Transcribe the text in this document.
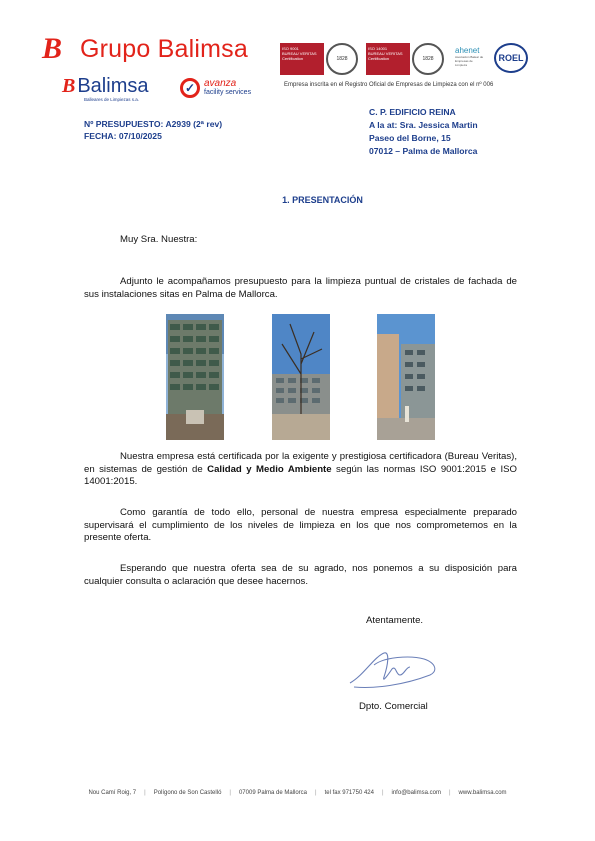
B Grupo Balimsa
B Balimsa
Balleares de Limpiezas s.a.
✓ avanza
facility services
ISO 9001
BUREAU VERITAS
Certification	1828
ISO 14001
BUREAU VERITAS
Certification	1828
ahenet
Asociación Balear de Empresas de Limpieza
ROEL
Empresa inscrita en el Registro Oficial de Empresas de Limpieza con el nº 006
Nº PRESUPUESTO: A2939 (2ª rev)
FECHA: 07/10/2025
C. P. EDIFICIO REINA
A la at: Sra. Jessica Martin
Paseo del Borne, 15
07012 – Palma de Mallorca
1. PRESENTACIÓN
Muy Sra. Nuestra:
Adjunto le acompañamos presupuesto para la limpieza puntual de cristales de fachada de sus instalaciones sitas en Palma de Mallorca.
Nuestra empresa está certificada por la exigente y prestigiosa certificadora (Bureau Veritas), en sistemas de gestión de Calidad y Medio Ambiente según las normas ISO 9001:2015 e ISO 14001:2015.
Como garantía de todo ello, personal de nuestra empresa especialmente preparado supervisará el cumplimiento de los niveles de limpieza en los que nos comprometemos en la presente oferta.
Esperando que nuestra oferta sea de su agrado, nos ponemos a su disposición para cualquier consulta o aclaración que desee hacernos.
Atentamente.
Dpto. Comercial
Nou Camí Roig, 7 | Polígono de Son Castelló | 07009 Palma de Mallorca | tel fax 971750 424 | info@balimsa.com | www.balimsa.com
